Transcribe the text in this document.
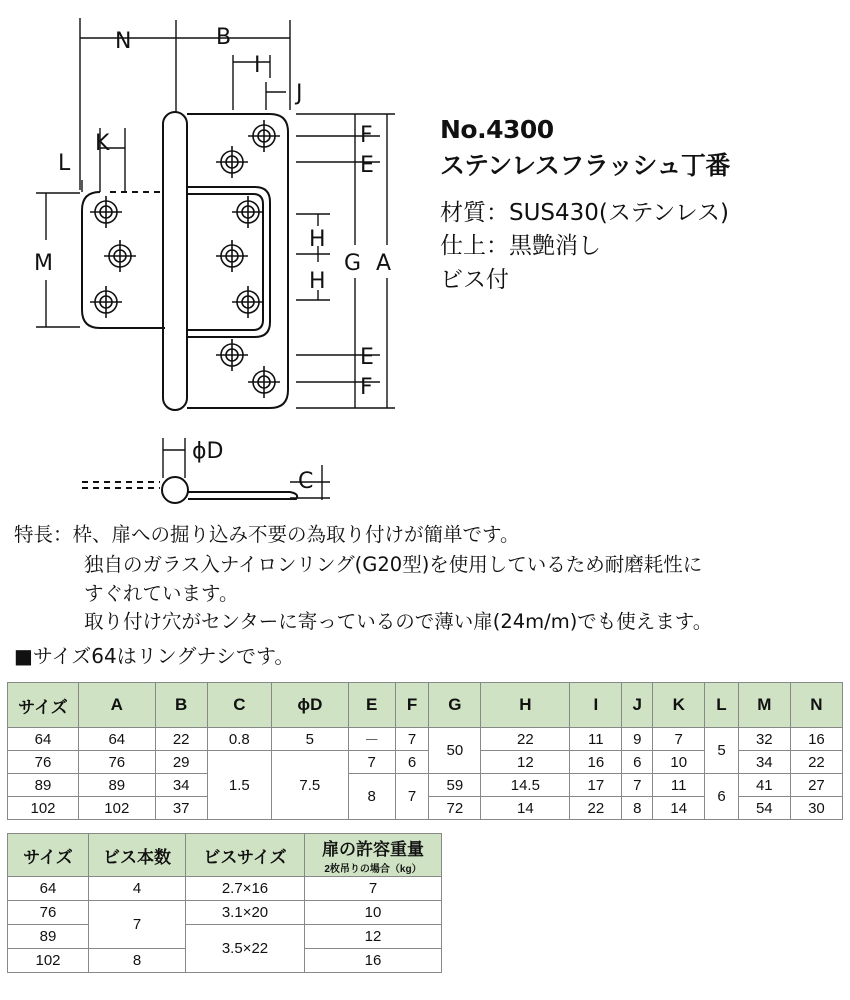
N	B
I
J
K
L
M
F
E
H
G A
H
E
F
ϕD
C
No.4300
ステンレスフラッシュ丁番
材質：SUS430(ステンレス)
仕上：黒艶消し
ビス付
特長：枠、扉への掘り込み不要の為取り付けが簡単です。
独自のガラス入ナイロンリング(G20型)を使用しているため耐磨耗性に
すぐれています。
取り付け穴がセンターに寄っているので薄い扉(24m/m)でも使えます。
■サイズ64はリングナシです。
サイズ	A	B	C	ϕD	E	F	G	H	I	J	K	L	M	N
64	64	22	0.8	5	－	7	50	22	11	9	7	5	32	16
76	76	29	1.5	7.5	7	6		12	16	6	10		34	22
89	89	34			8	7	59	14.5	17	7	11	6	41	27
102	102	37					72	14	22	8	14		54	30
サイズ	ビス本数	ビスサイズ	扉の許容重量
2枚吊りの場合（kg）

64	4	2.7×16	7
76	7	3.1×20	10
89		3.5×22	12
102	8		16
